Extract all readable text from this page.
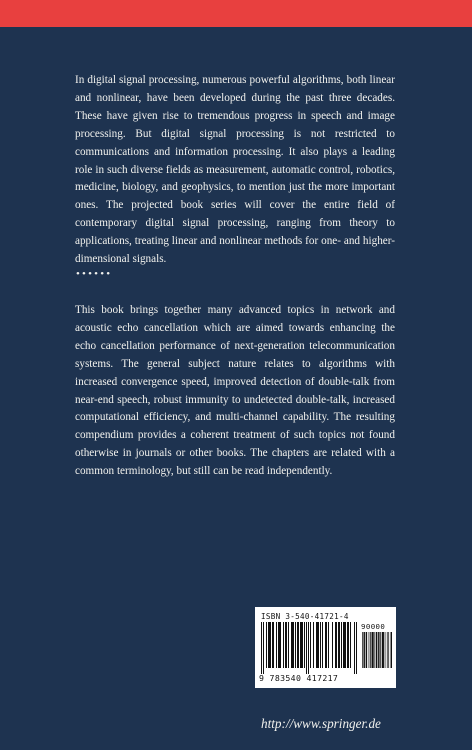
In digital signal processing, numerous powerful algorithms, both linear and nonlinear, have been developed during the past three decades. These have given rise to tremendous progress in speech and image processing. But digital signal processing is not restricted to communications and information processing. It also plays a leading role in such diverse fields as measurement, automatic control, robotics, medicine, biology, and geophysics, to mention just the more important ones. The projected book series will cover the entire field of contemporary digital signal processing, ranging from theory to applications, treating linear and nonlinear methods for one- and higher-dimensional signals.

••••••

This book brings together many advanced topics in network and acoustic echo cancellation which are aimed towards enhancing the echo cancellation performance of next-generation telecommunication systems. The general subject nature relates to algorithms with increased convergence speed, improved detection of double-talk from near-end speech, robust immunity to undetected double-talk, increased computational efficiency, and multi-channel capability. The resulting compendium provides a coherent treatment of such topics not found otherwise in journals or other books. The chapters are related with a common terminology, but still can be read independently.

ISBN 3-540-41721-4
90000
9 783540 417217
http://www.springer.de
